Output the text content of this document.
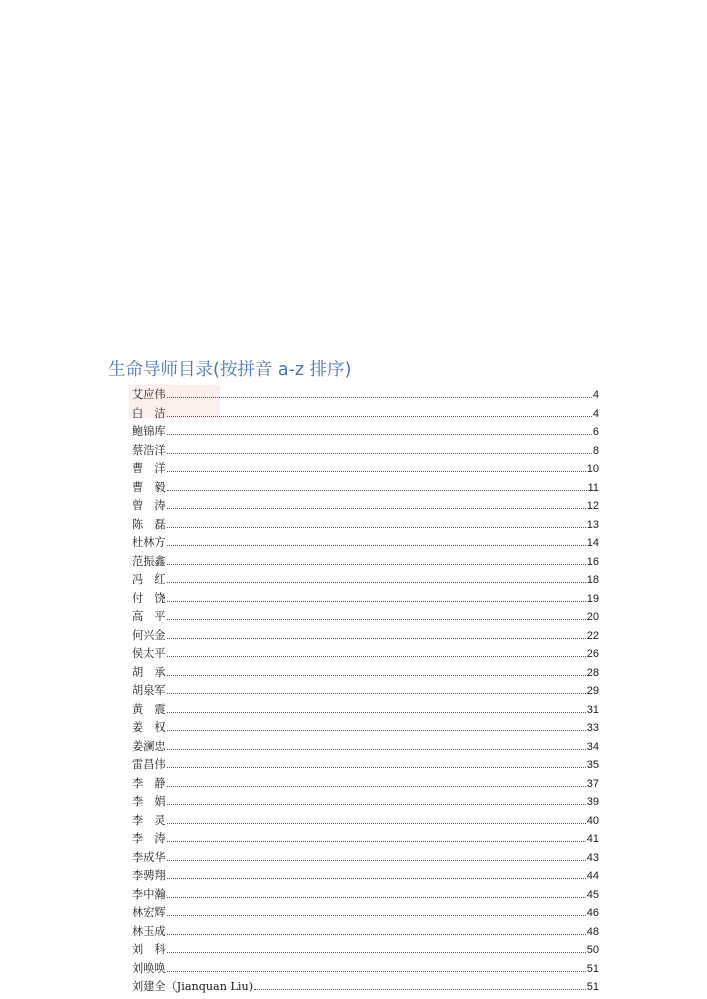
生命导师目录(按拼音 a-z 排序)
艾应伟	4
白　洁	4
鲍锦库	6
蔡浩洋	8
曹　洋	10
曹　毅	11
曾　涛	12
陈　磊	13
杜林方	14
范振鑫	16
冯　红	18
付　饶	19
高　平	20
何兴金	22
侯太平	26
胡　承	28
胡泉军	29
黄　震	31
姜　权	33
姜澜忠	34
雷昌伟	35
李　静	37
李　娟	39
李　灵	40
李　涛	41
李成华	43
李骋翔	44
李中瀚	45
林宏辉	46
林玉成	48
刘　科	50
刘唤唤	51
刘建全（Jianquan Liu)	51
